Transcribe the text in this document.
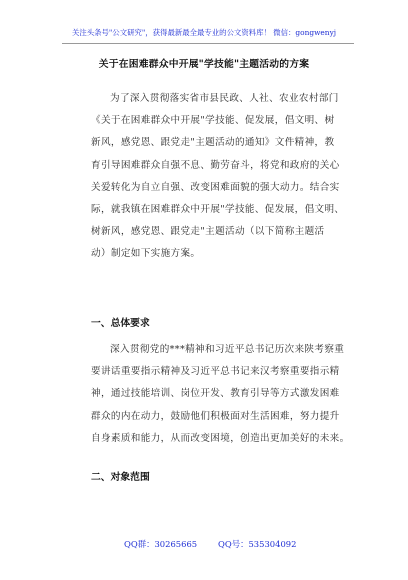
关注头条号"公文研究"，获得最新最全最专业的公文资料库！ 微信：gongwenyj
关于在困难群众中开展"学技能"主题活动的方案
为了深入贯彻落实省市县民政、人社、农业农村部门
《关于在困难群众中开展"学技能、促发展，倡文明、树
新风，感党恩、跟党走"主题活动的通知》文件精神，教
育引导困难群众自强不息、勤劳奋斗，将党和政府的关心
关爱转化为自立自强、改变困难面貌的强大动力。结合实
际，就我镇在困难群众中开展"学技能、促发展，倡文明、
树新风，感党恩、跟党走"主题活动（以下简称主题活
动）制定如下实施方案。
一、总体要求
深入贯彻党的***精神和习近平总书记历次来陕考察重
要讲话重要指示精神及习近平总书记来汉考察重要指示精
神，通过技能培训、岗位开发、教育引导等方式激发困难
群众的内在动力，鼓励他们积极面对生活困难，努力提升
自身素质和能力，从而改变困境，创造出更加美好的未来。
二、对象范围
QQ群：30265665 QQ号：535304092
